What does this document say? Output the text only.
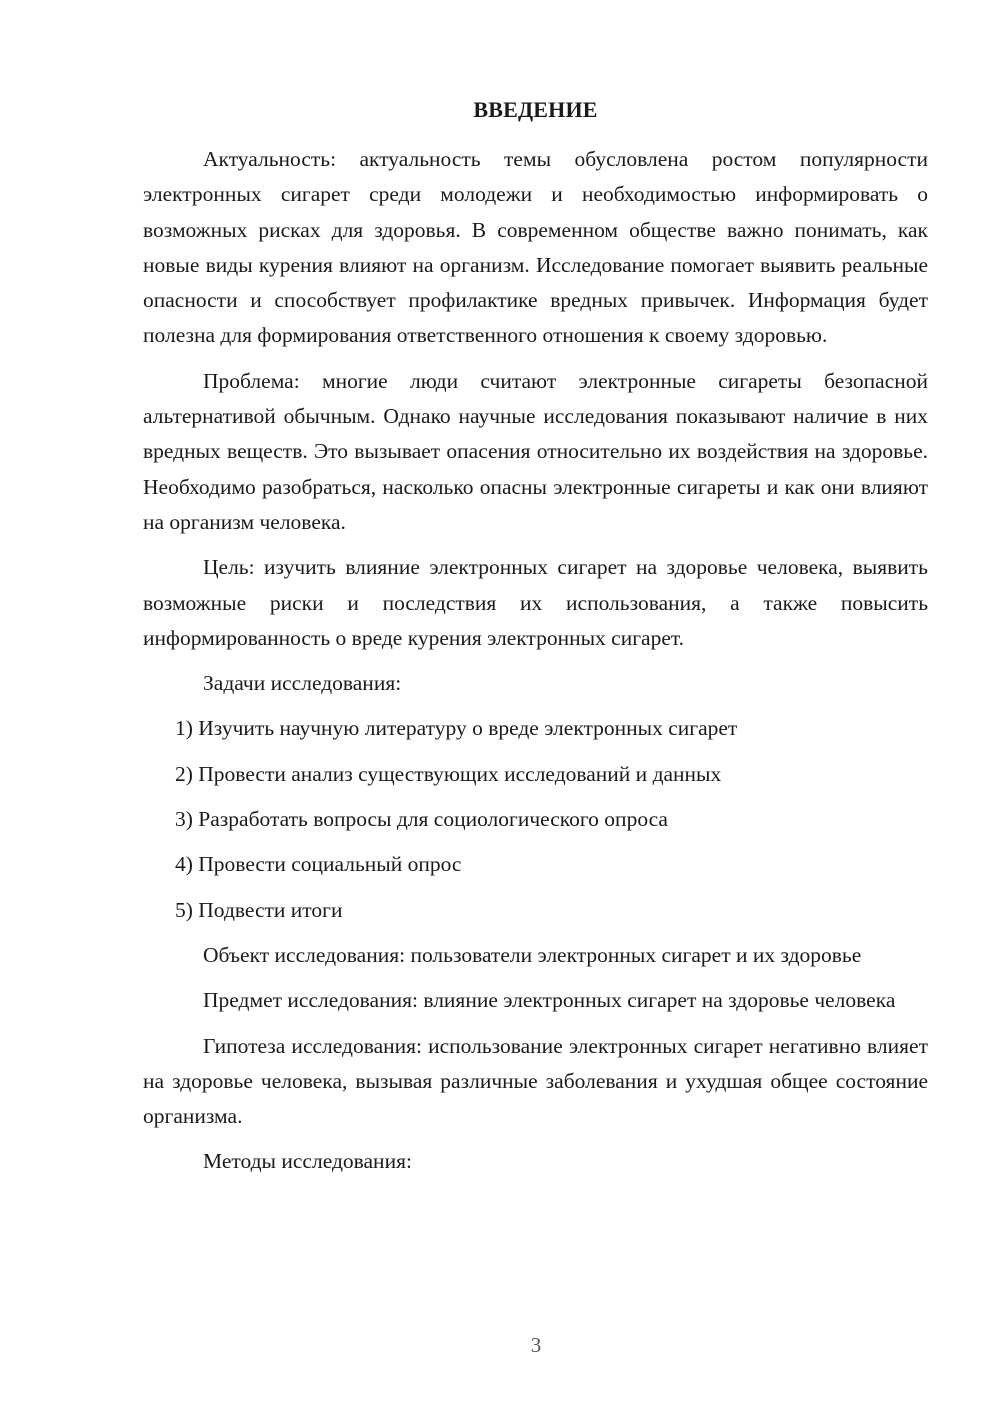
ВВЕДЕНИЕ

Актуальность: актуальность темы обусловлена ростом популярности электронных сигарет среди молодежи и необходимостью информировать о возможных рисках для здоровья. В современном обществе важно понимать, как новые виды курения влияют на организм. Исследование помогает выявить реальные опасности и способствует профилактике вредных привычек. Информация будет полезна для формирования ответственного отношения к своему здоровью.

Проблема: многие люди считают электронные сигареты безопасной альтернативой обычным. Однако научные исследования показывают наличие в них вредных веществ. Это вызывает опасения относительно их воздействия на здоровье. Необходимо разобраться, насколько опасны электронные сигареты и как они влияют на организм человека.

Цель: изучить влияние электронных сигарет на здоровье человека, выявить возможные риски и последствия их использования, а также повысить информированность о вреде курения электронных сигарет.

Задачи исследования:

1) Изучить научную литературу о вреде электронных сигарет
2) Провести анализ существующих исследований и данных
3) Разработать вопросы для социологического опроса
4) Провести социальный опрос
5) Подвести итоги

Объект исследования: пользователи электронных сигарет и их здоровье

Предмет исследования: влияние электронных сигарет на здоровье человека

Гипотеза исследования: использование электронных сигарет негативно влияет на здоровье человека, вызывая различные заболевания и ухудшая общее состояние организма.

Методы исследования:

3
